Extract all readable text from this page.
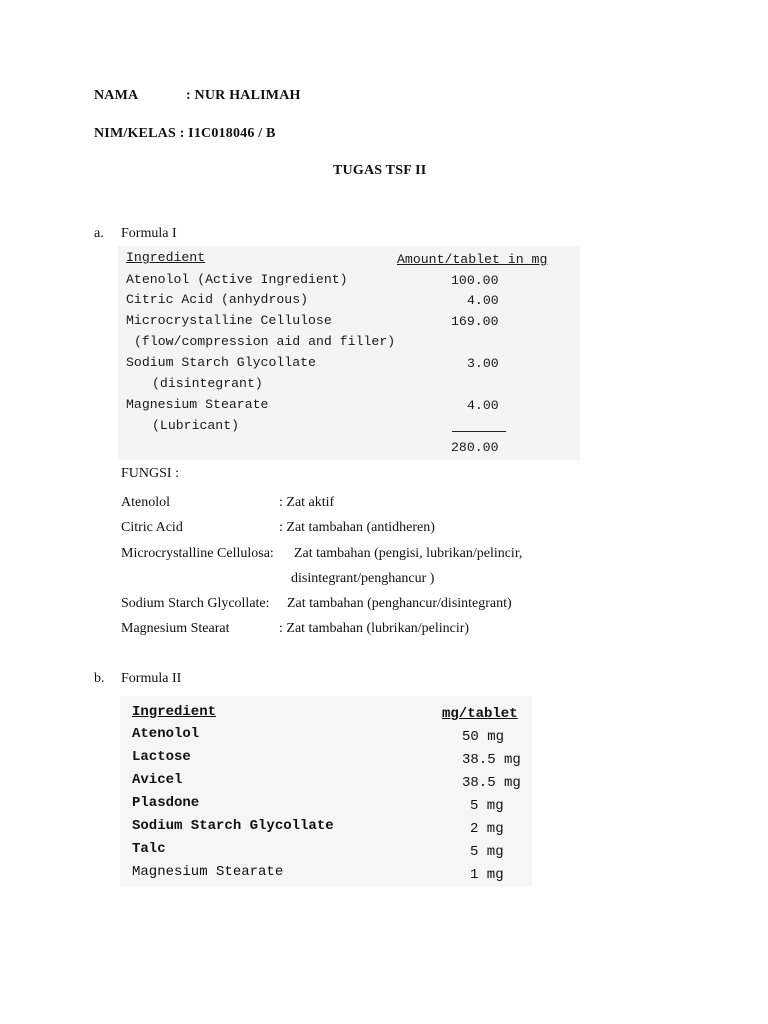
NAMA	: NUR HALIMAH
NIM/KELAS : I1C018046 / B
TUGAS TSF II
a. Formula I
Ingredient	Amount/tablet in mg
Atenolol (Active Ingredient)	100.00
Citric Acid (anhydrous)	4.00
Microcrystalline Cellulose	169.00
(flow/compression aid and filler)
Sodium Starch Glycollate	3.00
(disintegrant)
Magnesium Stearate	4.00
(Lubricant)
280.00
FUNGSI :
Atenolol	: Zat aktif
Citric Acid	: Zat tambahan (antidheren)
Microcrystalline Cellulosa: Zat tambahan (pengisi, lubrikan/pelincir,
disintegrant/penghancur )
Sodium Starch Glycollate: Zat tambahan (penghancur/disintegrant)
Magnesium Stearat	: Zat tambahan (lubrikan/pelincir)
b. Formula II
Ingredient	mg/tablet
Atenolol	50 mg
Lactose	38.5 mg
Avicel	38.5 mg
Plasdone	5 mg
Sodium Starch Glycollate	2 mg
Talc	5 mg
Magnesium Stearate	1 mg
